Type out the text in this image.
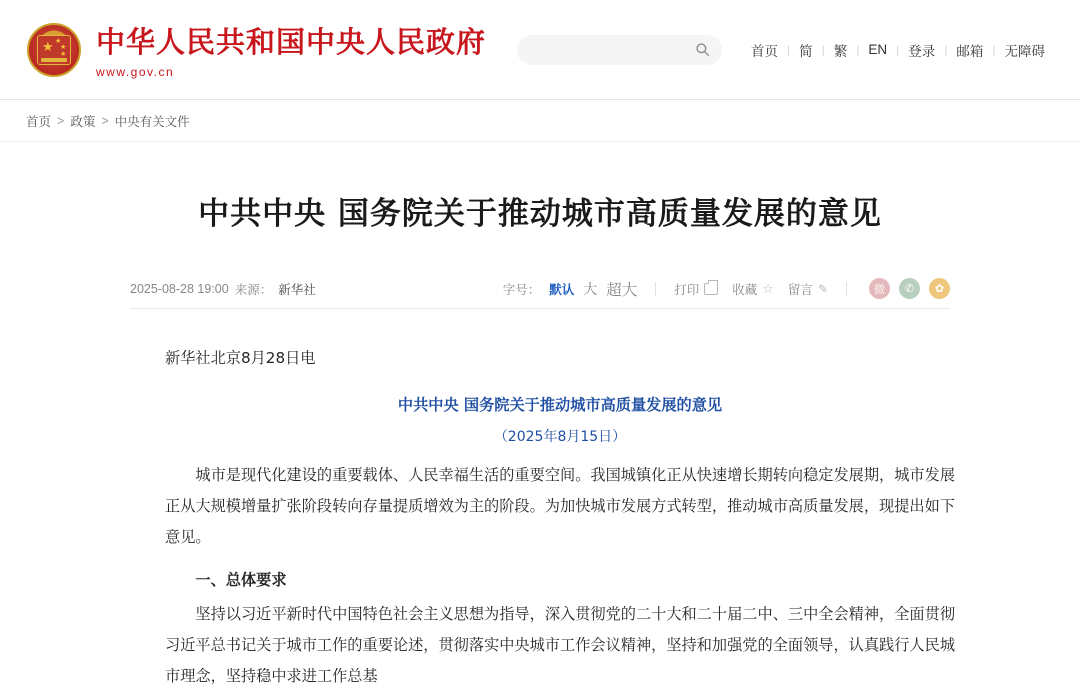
★ ★
★
★ 中华人民共和国中央人民政府
www.gov.cn
首页 | 简 | 繁 | EN | 登录 | 邮箱 | 无障碍
首页 > 政策 > 中央有关文件
中共中央 国务院关于推动城市高质量发展的意见
2025-08-28 19:00 来源： 新华社	字号： 默认 大 超大	打印	收藏 ☆ 留言 ✎	微	✆	✿
新华社北京8月28日电
中共中央 国务院关于推动城市高质量发展的意见
（2025年8月15日）

城市是现代化建设的重要载体、人民幸福生活的重要空间。我国城镇化正从快速增长期转向稳定发展期，城市发展正从大规模增量扩张阶段转向存量提质增效为主的阶段。为加快城市发展方式转型，推动城市高质量发展，现提出如下意见。

一、总体要求

坚持以习近平新时代中国特色社会主义思想为指导，深入贯彻党的二十大和二十届二中、三中全会精神，全面贯彻习近平总书记关于城市工作的重要论述，贯彻落实中央城市工作会议精神，坚持和加强党的全面领导，认真践行人民城市理念，坚持稳中求进工作总基
